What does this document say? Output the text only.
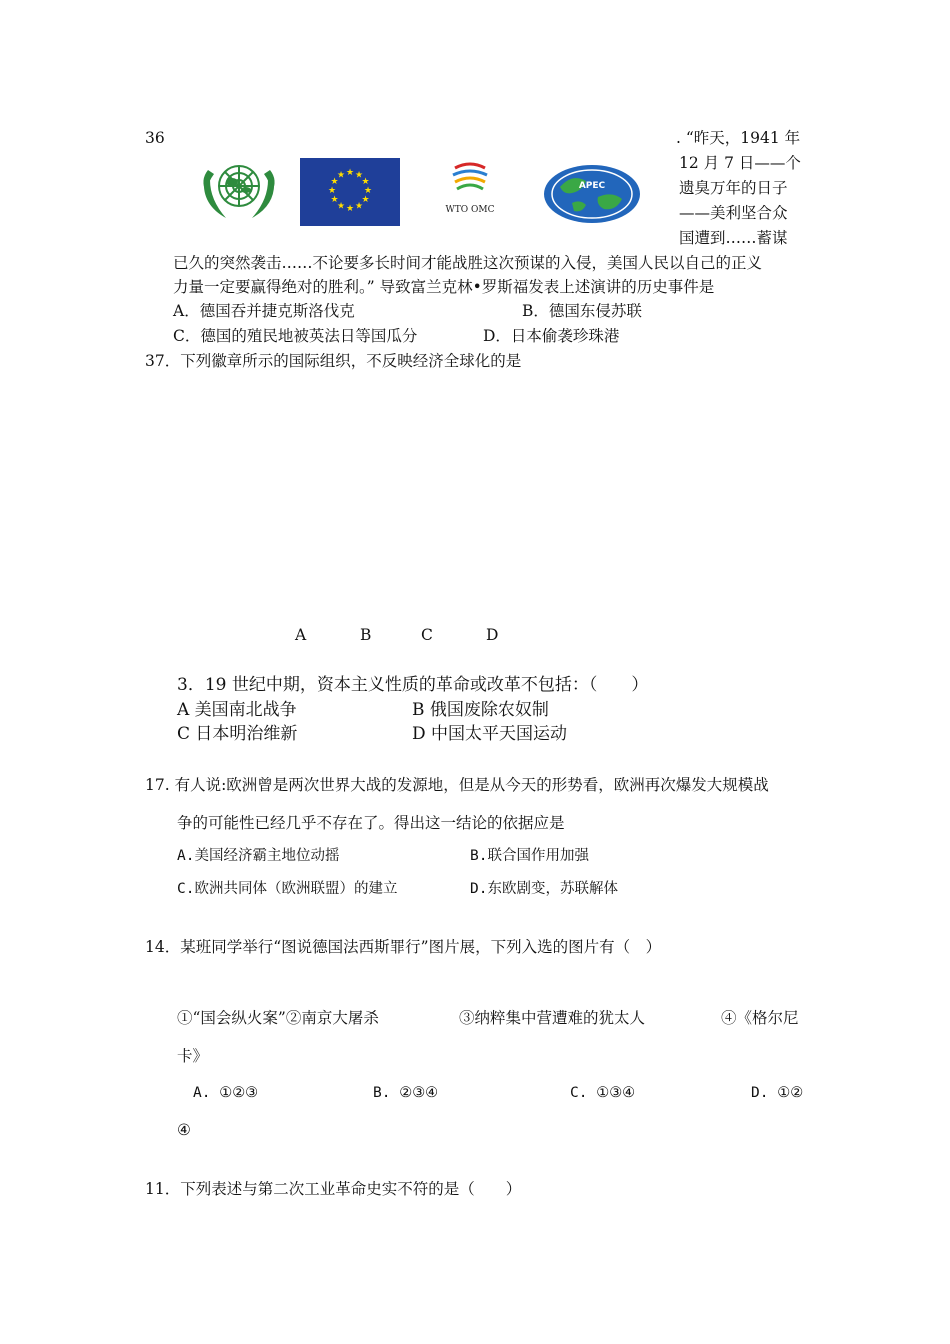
36	. “昨天，1941 年
12 月 7 日——个
遗臭万年的日子
——美利坚合众
国遭到……蓄谋
★ ★
★
★
★
★
★
★
★
★
★
★
WTO OMC
APEC
已久的突然袭击……不论要多长时间才能战胜这次预谋的入侵，美国人民以自己的正义
力量一定要赢得绝对的胜利。” 导致富兰克林•罗斯福发表上述演讲的历史事件是
A．德国吞并捷克斯洛伐克	B．德国东侵苏联
C．德国的殖民地被英法日等国瓜分	D．日本偷袭珍珠港
37．下列徽章所示的国际组织，不反映经济全球化的是
A	B	C	D
3．19 世纪中期，资本主义性质的革命或改革不包括：（　　）
A 美国南北战争	B 俄国废除农奴制
C 日本明治维新	D 中国太平天国运动
17. 有人说:欧洲曾是两次世界大战的发源地，但是从今天的形势看，欧洲再次爆发大规模战
争的可能性已经几乎不存在了。得出这一结论的依据应是
A.美国经济霸主地位动摇	B.联合国作用加强
C.欧洲共同体（欧洲联盟）的建立	D.东欧剧变，苏联解体
14．某班同学举行“图说德国法西斯罪行”图片展，下列入选的图片有（　）
①“国会纵火案”②南京大屠杀	③纳粹集中营遭难的犹太人	④《格尔尼
卡》
A. ①②③	B. ②③④	C. ①③④	D. ①②
④
11．下列表述与第二次工业革命史实不符的是（　　）
